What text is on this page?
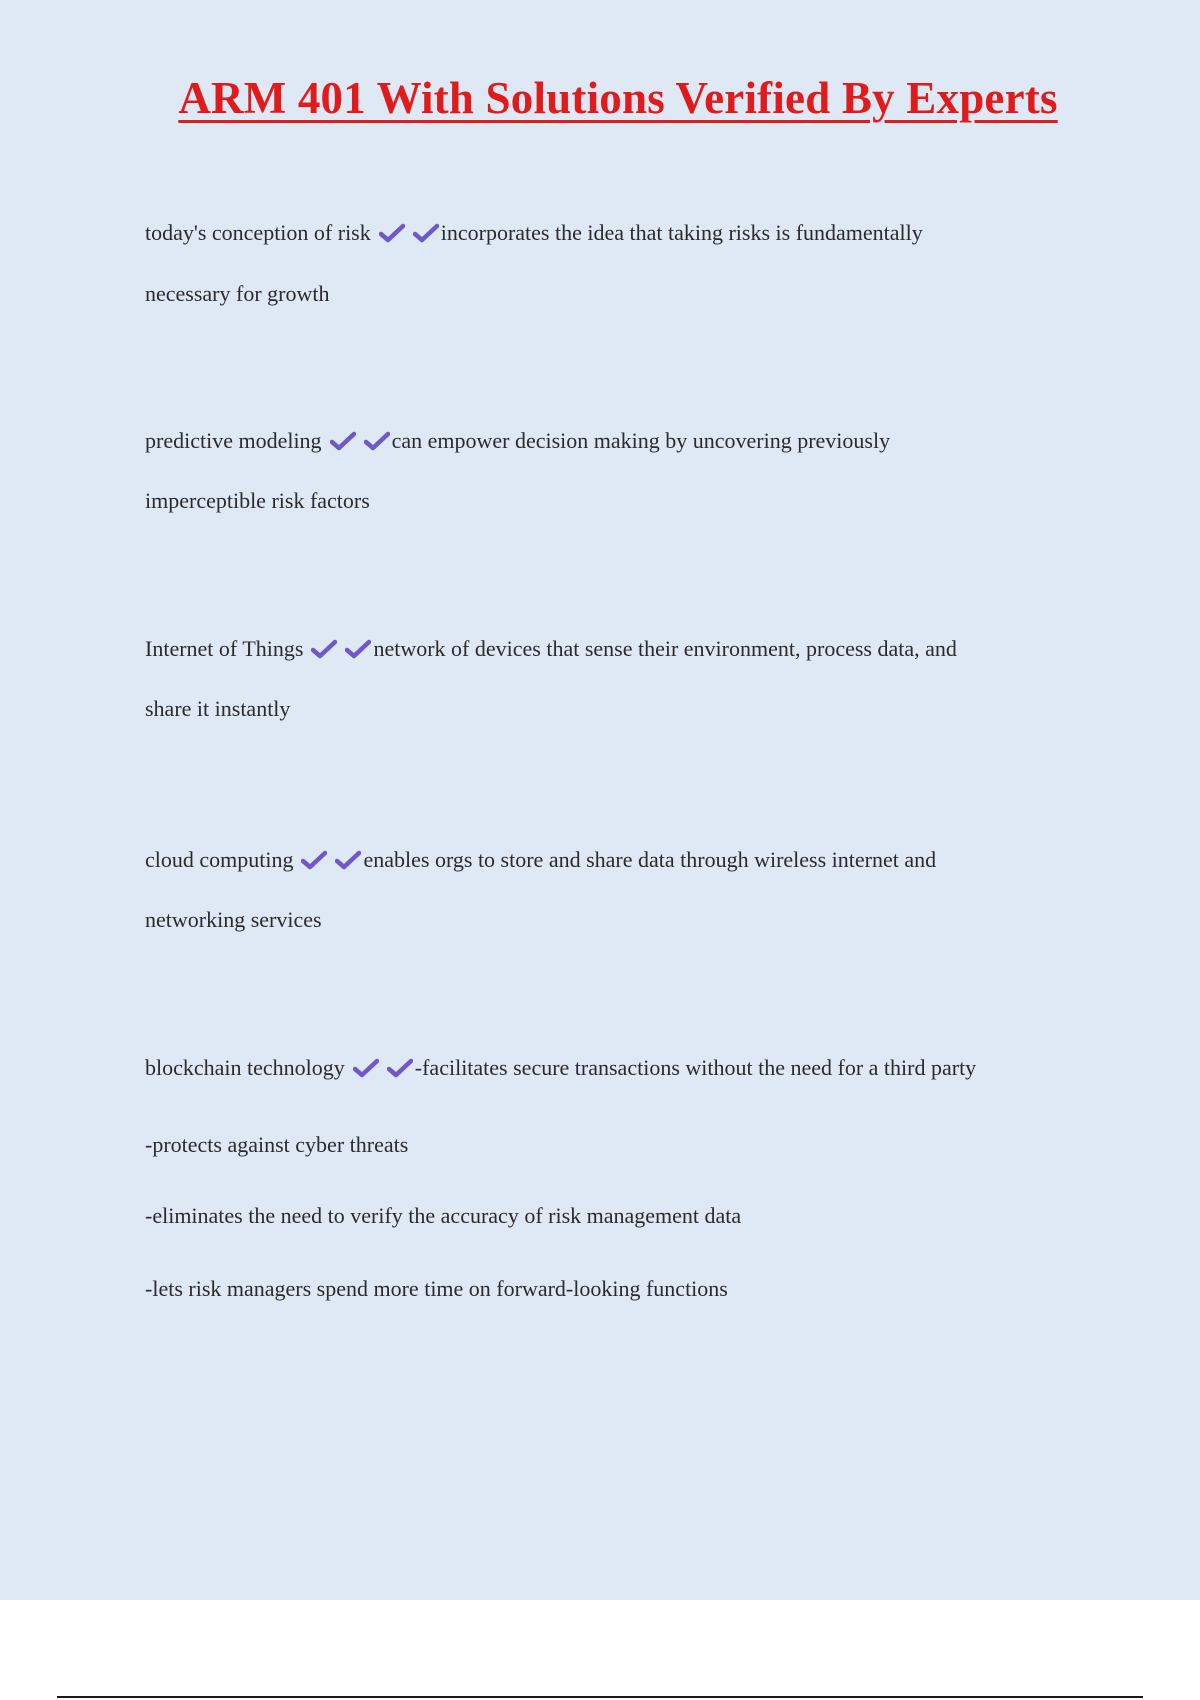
ARM 401 With Solutions Verified By Experts

today's conception of risk	incorporates the idea that taking risks is fundamentally

necessary for growth

predictive modeling	can empower decision making by uncovering previously

imperceptible risk factors

Internet of Things	network of devices that sense their environment, process data, and

share it instantly

cloud computing	enables orgs to store and share data through wireless internet and

networking services

blockchain technology	-facilitates secure transactions without the need for a third party

-protects against cyber threats

-eliminates the need to verify the accuracy of risk management data

-lets risk managers spend more time on forward-looking functions
